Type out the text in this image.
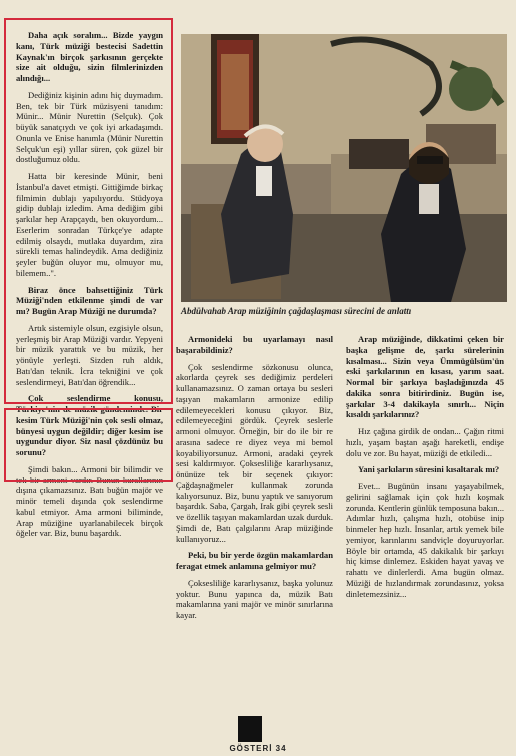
Daha açık soralım... Bizde yaygın kanı, Türk müziği bestecisi Sadettin Kaynak'ın birçok şarkısının gerçekte size ait olduğu, sizin filmlerinizden alındığı...

Dediğiniz kişinin adını hiç duymadım. Ben, tek bir Türk müzisyeni tanıdım: Münir... Münir Nurettin (Selçuk). Çok büyük sanatçıydı ve çok iyi arkadaşımdı. Onunla ve Enise hanımla (Münir Nurettin Selçuk'un eşi) yıllar süren, çok güzel bir dostluğumuz oldu.

Hatta bir keresinde Münir, beni İstanbul'a davet etmişti. Gittiğimde birkaç filmimin dublajı yapılıyordu. Stüdyoya gidip dublajı izledim. Ama dediğim gibi şarkılar hep Arapçaydı, ben okuyordum... Eserlerim sonradan Türkçe'ye adapte edilmiş olsaydı, mutlaka duyardım, zira sürekli temas halindeydik. Ama dediğiniz şeyler buğün oluyor mu, olmuyor mu, bilemem..".

Biraz önce bahsettiğiniz Türk Müziği'nden etkilenme şimdi de var mı? Bugün Arap Müziği ne durumda?

Artık sistemiyle olsun, ezgisiyle olsun, yerleşmiş bir Arap Müziği vardır. Yepyeni bir müzik yarattık ve bu müzik, her yönüyle yerleşti. Sizden ruh aldık, Batı'dan teknik. İcra tekniğini ve çok seslendirmeyi, Batı'dan öğrendik...

Çok seslendirme konusu, Türkiye'nin de müzik gündeminde. Bir kesim Türk Müziği'nin çok sesli olmaz, bünyesi uygun değildir; diğer kesim ise uygundur diyor. Siz nasıl çözdünüz bu sorunu?

Şimdi bakın... Armoni bir bilimdir ve tek bir armoni vardır. Bunun kurallarının dışına çıkamazsınız. Batı buğün majör ve minör temeli dışında çok seslendirme kabul etmiyor. Ama armoni biliminde, Arap müziğine uyarlanabilecek birçok öğeler var. Biz, bunu başardık.

Abdülvahab Arap müziğinin çağdaşlaşması sürecini de anlattı

Armonideki bu uyarlamayı nasıl başarabildiniz?

Çok seslendirme sözkonusu olunca, akorlarda çeyrek ses dediğimiz perdeleri kullanamazsınız. O zaman ortaya bu sesleri taşıyan makamların armonize edilip edilemeyecekleri konusu çıkıyor. Biz, edilemeyeceğini gördük. Çeyrek seslerle armoni olmuyor. Örneğin, bir do ile bir re arasına sadece re diyez veya mi bemol koyabiliyorsunuz. Armoni, aradaki çeyrek sesi kaldırmıyor. Çoksesliliğe kararlıysanız, önünüze tek bir seçenek çıkıyor: Çağdaşnağmeler kullanmak zorunda kalıyorsunuz. Biz, bunu yaptık ve sanıyorum başardık. Saba, Çargah, Irak gibi çeyrek sesli ve özellik taşıyan makamlardan uzak durduk. Şimdi de, Batı çalgılarını Arap müziğinde kullanıyoruz...

Peki, bu bir yerde özgün makamlardan feragat etmek anlamına gelmiyor mu?

Çoksesliliğe kararlıysanız, başka yolunuz yoktur. Bunu yapınca da, müzik Batı makamlarına yani majör ve minör sınırlarına kayar.

Arap müziğinde, dikkatimi çeken bir başka gelişme de, şarkı sürelerinin kısalması... Sizin veya Ümmügülsüm'ün eski şarkılarının en kısası, yarım saat. Normal bir şarkıya başladığınızda 45 dakika sonra bitirirdiniz. Bugün ise, şarkılar 3-4 dakikayla sınırlı... Niçin kısaldı şarkılarınız?

Hız çağına girdik de ondan... Çağın ritmi hızlı, yaşam baştan aşağı hareketli, endişe dolu ve zor. Bu hayat, müziği de etkiledi...

Yani şarkıların süresini kısaltarak mı?

Evet... Bugünün insanı yaşayabilmek, gelirini sağlamak için çok hızlı koşmak zorunda. Kentlerin günlük temposuna bakın... Adımlar hızlı, çalışma hızlı, otobüse inip binmeler hep hızlı. İnsanlar, artık yemek bile yemiyor, karınlarını sandviçle doyuruyorlar. Böyle bir ortamda, 45 dakikalık bir şarkıyı hiç kimse dinlemez. Eskiden hayat yavaş ve rahattı ve dinlerlerdi. Ama bugün olmaz. Müziği de hızlandırmak zorundasınız, yoksa dinletemezsiniz...

GÖSTERİ 34
